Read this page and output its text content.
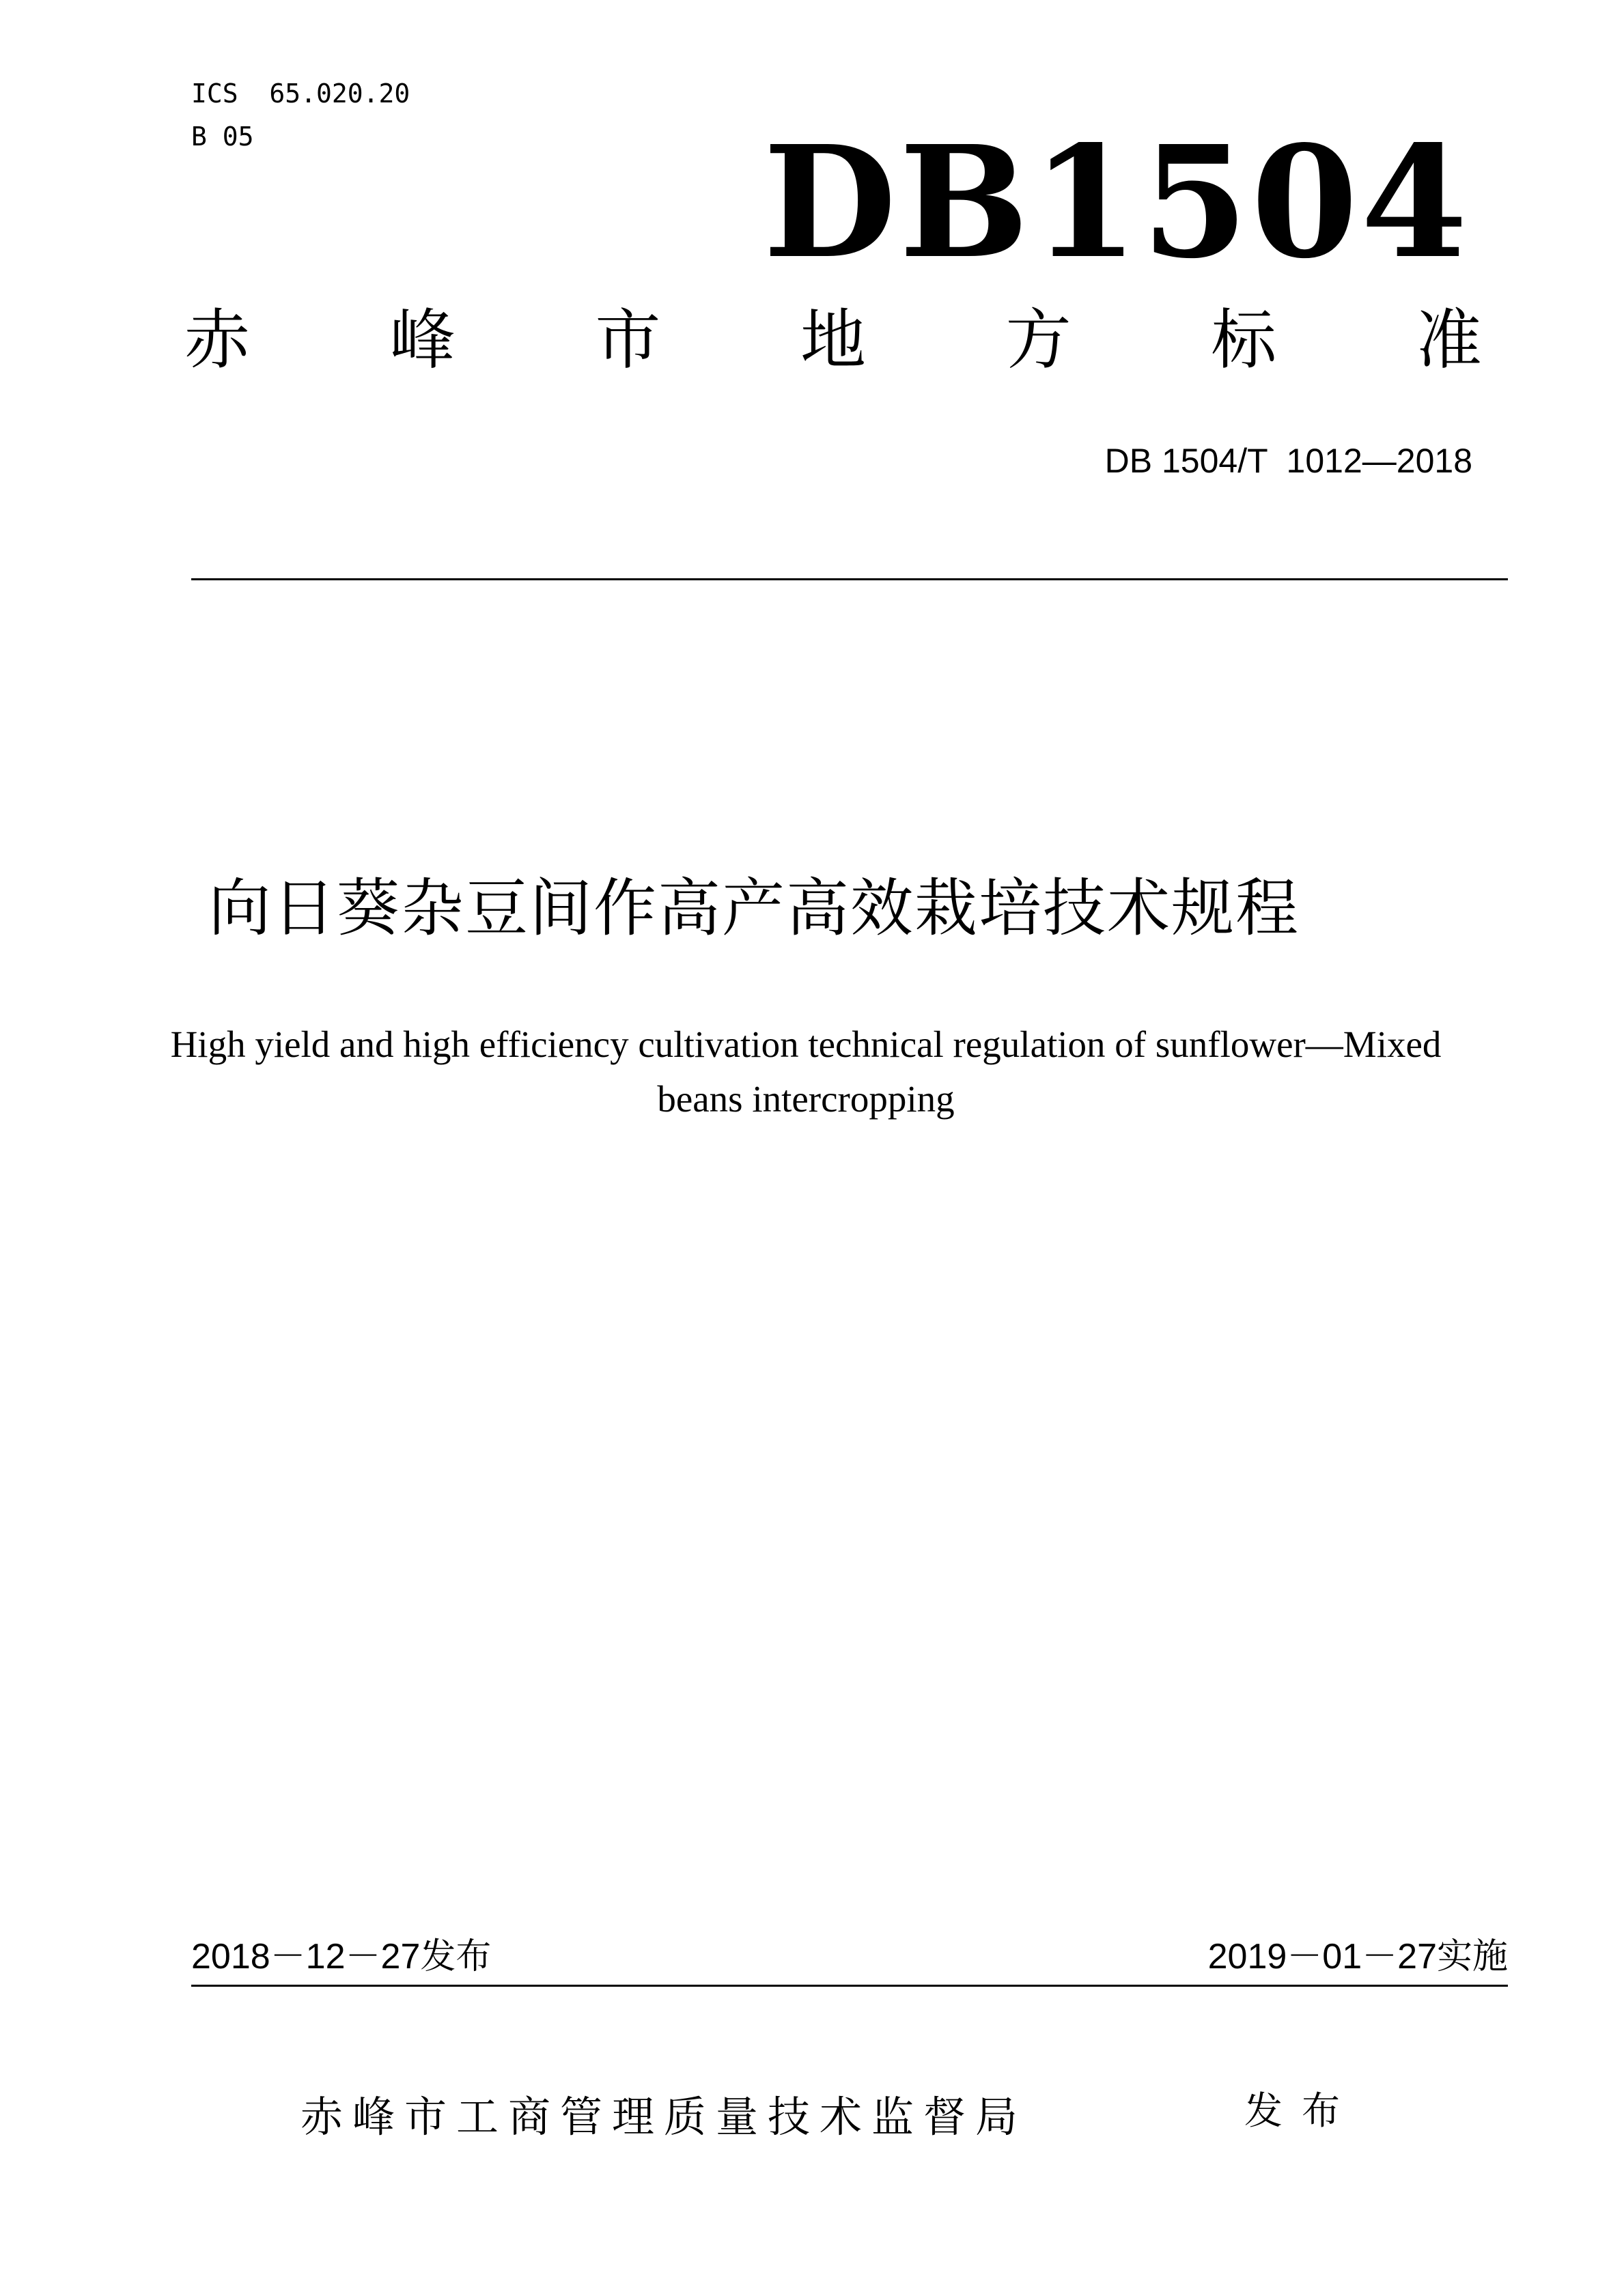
ICS  65.020.20
B 05	DB1504
赤 峰 市 地 方 标 准
DB 1504/T  1012—2018
向日葵杂豆间作高产高效栽培技术规程
High yield and high efficiency cultivation technical regulation of sunflower—Mixed
beans intercropping
2018－12－27发布	2019－01－27实施
赤峰市工商管理质量技术监督局	发布
